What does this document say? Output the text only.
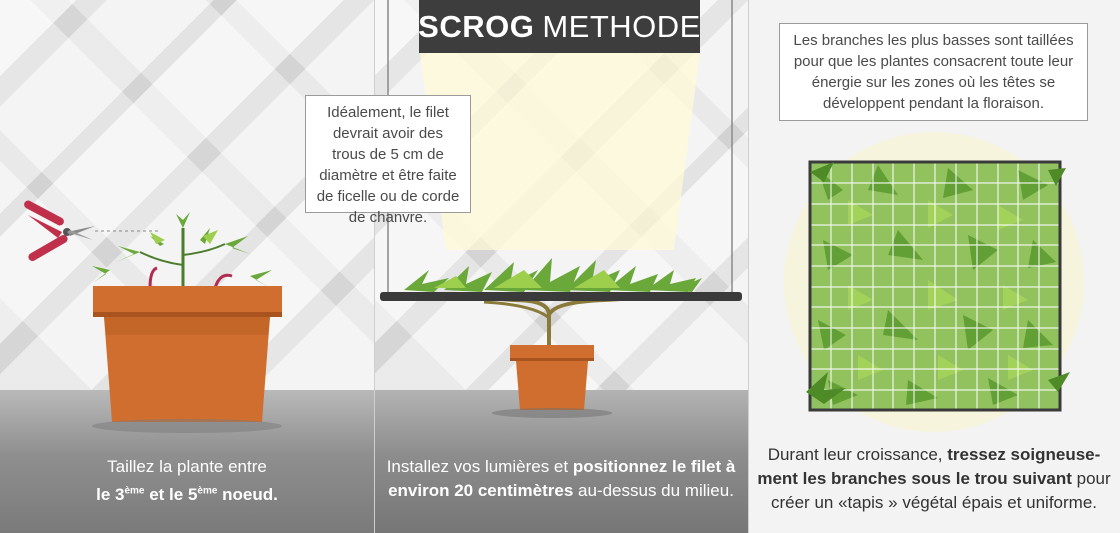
Taillez la plante entre
le 3ème et le 5ème noeud.
Installez vos lumières et positionnez le filet à environ 20 centimètres au-dessus du milieu.
Durant leur croissance, tressez soigneuse-ment les branches sous le trou suivant pour créer un «tapis » végétal épais et uniforme.
SCROG METHODE
Idéalement, le filet devrait avoir des trous de 5 cm de diamètre et être faite de ficelle ou de corde de chanvre.
Les branches les plus basses sont taillées pour que les plantes consacrent toute leur énergie sur les zones où les têtes se développent pendant la floraison.
